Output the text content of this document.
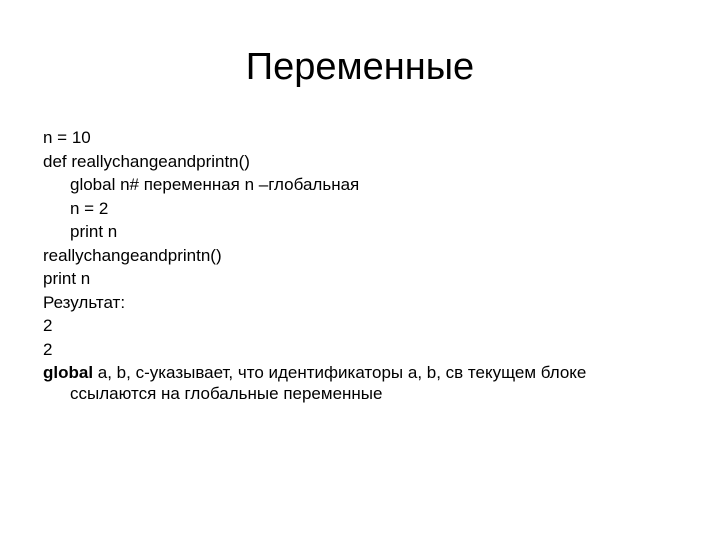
Переменные
n = 10
def reallychangeandprintn()
global n# переменная n –глобальная
n = 2
print n
reallychangeandprintn()
print n
Результат:
2
2
global a, b, c-указывает, что идентификаторы a, b, cв текущем блоке
ссылаются на глобальные переменные
